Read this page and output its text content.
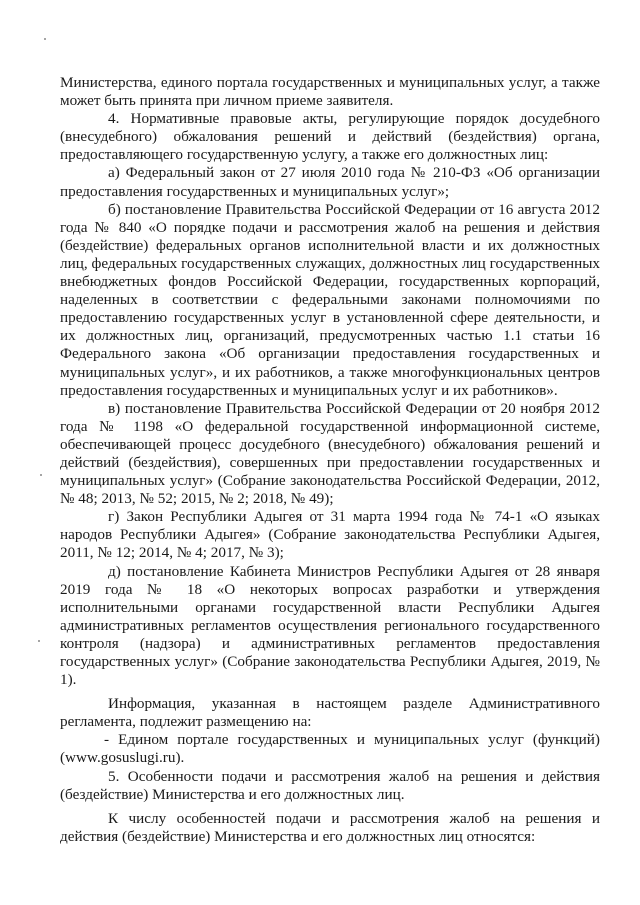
Министерства, единого портала государственных и муниципальных услуг, а также может быть принята при личном приеме заявителя.

4. Нормативные правовые акты, регулирующие порядок досудебного (внесудебного) обжалования решений и действий (бездействия) органа, предоставляющего государственную услугу, а также его должностных лиц:

а) Федеральный закон от 27 июля 2010 года № 210-ФЗ «Об организации предоставления государственных и муниципальных услуг»;

б) постановление Правительства Российской Федерации от 16 августа 2012 года № 840 «О порядке подачи и рассмотрения жалоб на решения и действия (бездействие) федеральных органов исполнительной власти и их должностных лиц, федеральных государственных служащих, должностных лиц государственных внебюджетных фондов Российской Федерации, государственных корпораций, наделенных в соответствии с федеральными законами полномочиями по предоставлению государственных услуг в установленной сфере деятельности, и их должностных лиц, организаций, предусмотренных частью 1.1 статьи 16 Федерального закона «Об организации предоставления государственных и муниципальных услуг», и их работников, а также многофункциональных центров предоставления государственных и муниципальных услуг и их работников».

в) постановление Правительства Российской Федерации от 20 ноября 2012 года № 1198 «О федеральной государственной информационной системе, обеспечивающей процесс досудебного (внесудебного) обжалования решений и действий (бездействия), совершенных при предоставлении государственных и муниципальных услуг» (Собрание законодательства Российской Федерации, 2012, № 48; 2013, № 52; 2015, № 2; 2018, № 49);

г) Закон Республики Адыгея от 31 марта 1994 года № 74-1 «О языках народов Республики Адыгея» (Собрание законодательства Республики Адыгея, 2011, № 12; 2014, № 4; 2017, № 3);

д) постановление Кабинета Министров Республики Адыгея от 28 января 2019 года № 18 «О некоторых вопросах разработки и утверждения исполнительными органами государственной власти Республики Адыгея административных регламентов осуществления регионального государственного контроля (надзора) и административных регламентов предоставления государственных услуг» (Собрание законодательства Республики Адыгея, 2019, № 1).

Информация, указанная в настоящем разделе Административного регламента, подлежит размещению на:

- Едином портале государственных и муниципальных услуг (функций) (www.gosuslugi.ru).

5. Особенности подачи и рассмотрения жалоб на решения и действия (бездействие) Министерства и его должностных лиц.

К числу особенностей подачи и рассмотрения жалоб на решения и действия (бездействие) Министерства и его должностных лиц относятся:
